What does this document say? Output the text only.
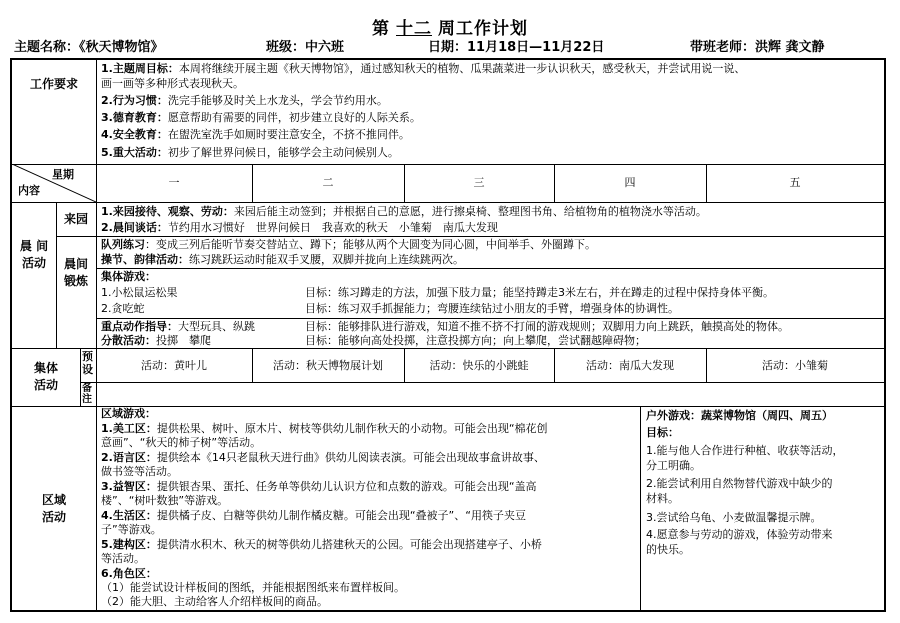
第 十二 周工作计划
主题名称：《秋天博物馆》	班级：中六班	日期：11月18日—11月22日	带班老师：洪辉 龚文静
工作要求
1.主题周目标：本周将继续开展主题《秋天博物馆》，通过感知秋天的植物、瓜果蔬菜进一步认识秋天，感受秋天，并尝试用说一说、
画一画等多种形式表现秋天。
2.行为习惯：洗完手能够及时关上水龙头，学会节约用水。
3.德育教育：愿意帮助有需要的同伴，初步建立良好的人际关系。
4.安全教育：在盥洗室洗手如厕时要注意安全，不挤不推同伴。
5.重大活动：初步了解世界问候日，能够学会主动问候别人。
星期
内容
一	二	三	四	五
晨 间
活动
来园
1.来园接待、观察、劳动：来园后能主动签到；并根据自己的意愿，进行擦桌椅、整理图书角、给植物角的植物浇水等活动。
2.晨间谈话：节约用水习惯好　世界问候日　我喜欢的秋天　小雏菊　南瓜大发现
晨间
锻炼
队列练习：变成三列后能听节奏交替站立、蹲下；能够从两个大圆变为同心圆，中间举手、外圈蹲下。
操节、韵律活动：练习跳跃运动时能双手叉腰，双脚并拢向上连续跳两次。
集体游戏：
1.小松鼠运松果	目标：练习蹲走的方法，加强下肢力量；能坚持蹲走3米左右，并在蹲走的过程中保持身体平衡。
2.贪吃蛇	目标：练习双手抓握能力；弯腰连续钻过小朋友的手臂，增强身体的协调性。
重点动作指导：大型玩具、纵跳	目标：能够排队进行游戏，知道不推不挤不打闹的游戏规则；双脚用力向上跳跃，触摸高处的物体。
分散活动：投掷　攀爬	目标：能够向高处投掷，注意投掷方向；向上攀爬，尝试翻越障碍物；
集体
活动
预设
备注
活动：黄叶儿	活动：秋天博物展计划	活动：快乐的小跳蛙	活动：南瓜大发现	活动：小雏菊
区域
活动
区域游戏：
1.美工区：提供松果、树叶、原木片、树枝等供幼儿制作秋天的小动物。可能会出现“棉花创
意画”、“秋天的柿子树”等活动。
2.语言区：提供绘本《14只老鼠秋天进行曲》供幼儿阅读表演。可能会出现故事盒讲故事、
做书签等活动。
3.益智区：提供银杏果、蛋托、任务单等供幼儿认识方位和点数的游戏。可能会出现“盖高
楼”、“树叶数独”等游戏。
4.生活区：提供橘子皮、白糖等供幼儿制作橘皮糖。可能会出现“叠被子”、“用筷子夹豆
子”等游戏。
5.建构区：提供清水积木、秋天的树等供幼儿搭建秋天的公园。可能会出现搭建亭子、小桥
等活动。
6.角色区：
（1）能尝试设计样板间的图纸，并能根据图纸来布置样板间。
（2）能大胆、主动给客人介绍样板间的商品。
户外游戏：蔬菜博物馆（周四、周五）
目标：
1.能与他人合作进行种植、收获等活动，
分工明确。
2.能尝试利用自然物替代游戏中缺少的
材料。
3.尝试给乌龟、小麦做温馨提示牌。
4.愿意参与劳动的游戏，体验劳动带来
的快乐。
